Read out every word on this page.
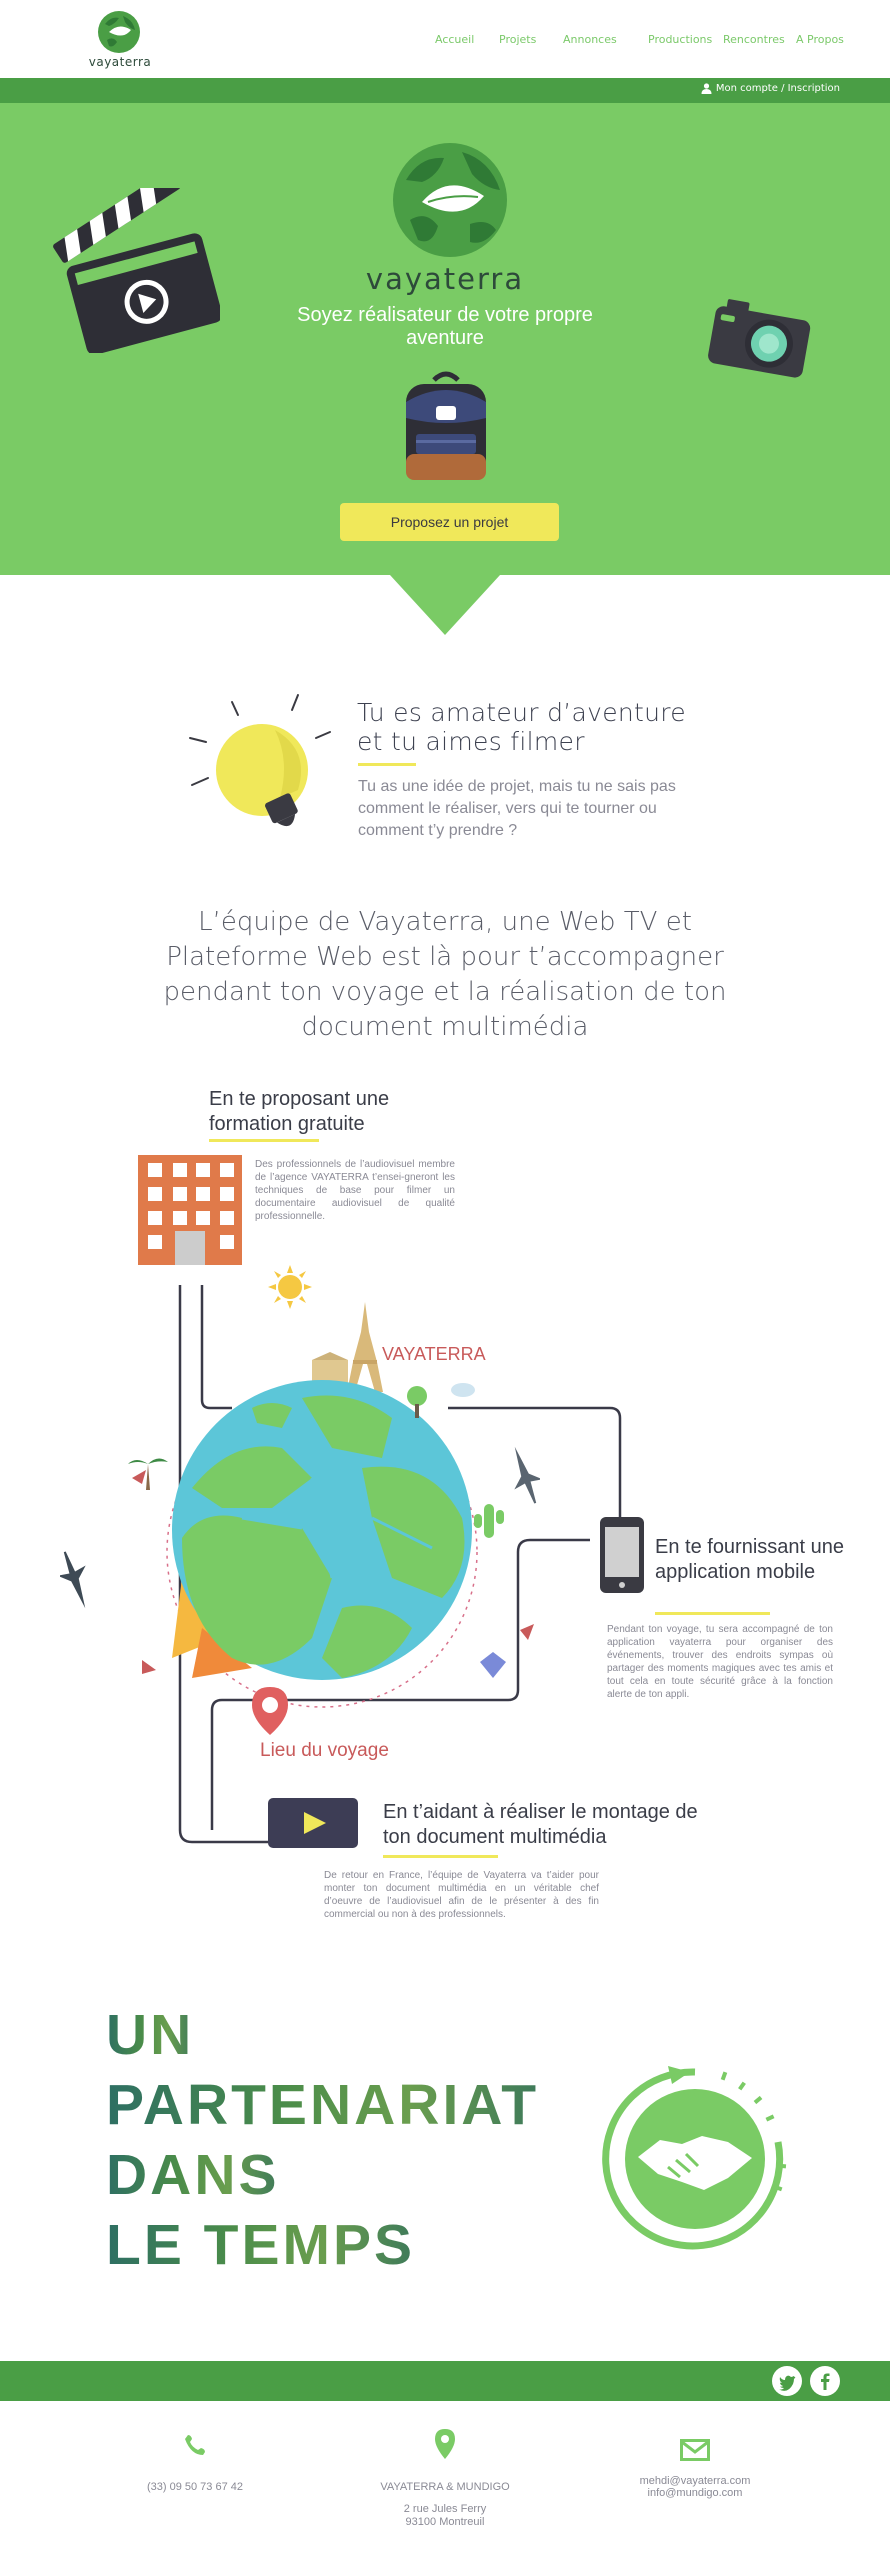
vayaterra
Accueil Projets Annonces	Productions Rencontres A Propos
Mon compte / Inscription
vayaterra
Soyez réalisateur de votre propre aventure
Proposez un projet
Tu es amateur d’aventure et tu aimes filmer
Tu as une idée de projet, mais tu ne sais pas comment le réaliser, vers qui te tourner ou comment t’y prendre ?
L’équipe de Vayaterra, une Web TV et Plateforme Web est là pour t’accompagner pendant ton voyage et la réalisation de ton document multimédia
En te proposant une formation gratuite
Des professionnels de l’audiovisuel membre de l’agence VAYATERRA t’ensei-gneront les techniques de base pour filmer un documentaire audiovisuel de qualité professionnelle.
VAYATERRA
Lieu du voyage
En te fournissant une application mobile
Pendant ton voyage, tu sera accompagné de ton application vayaterra pour organiser des événements, trouver des endroits sympas où partager des moments magiques avec tes amis et tout cela en toute sécurité grâce à la fonction alerte de ton appli.
En t’aidant à réaliser le montage de ton document multimédia
De retour en France, l’équipe de Vayaterra va t’aider pour monter ton document multimédia en un véritable chef d’oeuvre de l’audiovisuel afin de le présenter à des fin commercial ou non à des professionnels.
UN
PARTENARIAT
DANS
LE TEMPS
(33) 09 50 73 67 42	VAYATERRA & MUNDIGO
2 rue Jules Ferry
93100 Montreuil
mehdi@vayaterra.com
info@mundigo.com
